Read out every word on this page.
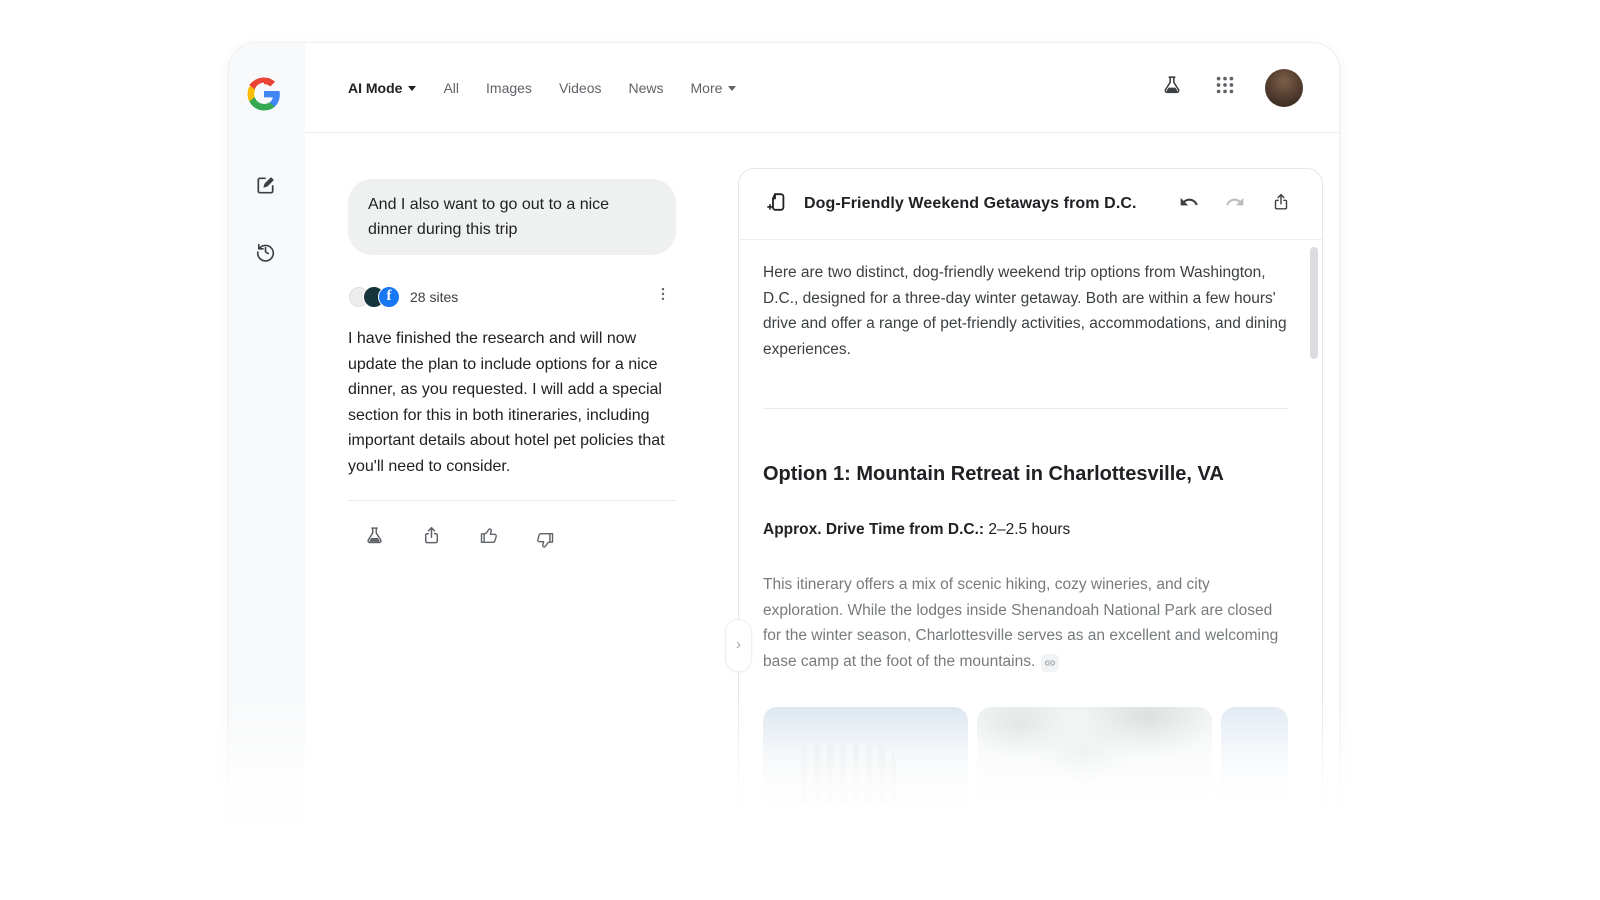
AI Mode	All Images Videos News More
And I also want to go out to a nice dinner during this trip
f	28 sites
I have finished the research and will now update the plan to include options for a nice dinner, as you requested. I will add a special section for this in both itineraries, including important details about hotel pet policies that you'll need to consider.
›
Dog-Friendly Weekend Getaways from D.C.

Here are two distinct, dog-friendly weekend trip options from Washington, D.C., designed for a three-day winter getaway. Both are within a few hours' drive and offer a range of pet-friendly activities, accommodations, and dining experiences.

Option 1: Mountain Retreat in Charlottesville, VA

Approx. Drive Time from D.C.: 2–2.5 hours

This itinerary offers a mix of scenic hiking, cozy wineries, and city exploration. While the lodges inside Shenandoah National Park are closed for the winter season, Charlottesville serves as an excellent and welcoming base camp at the foot of the mountains.
